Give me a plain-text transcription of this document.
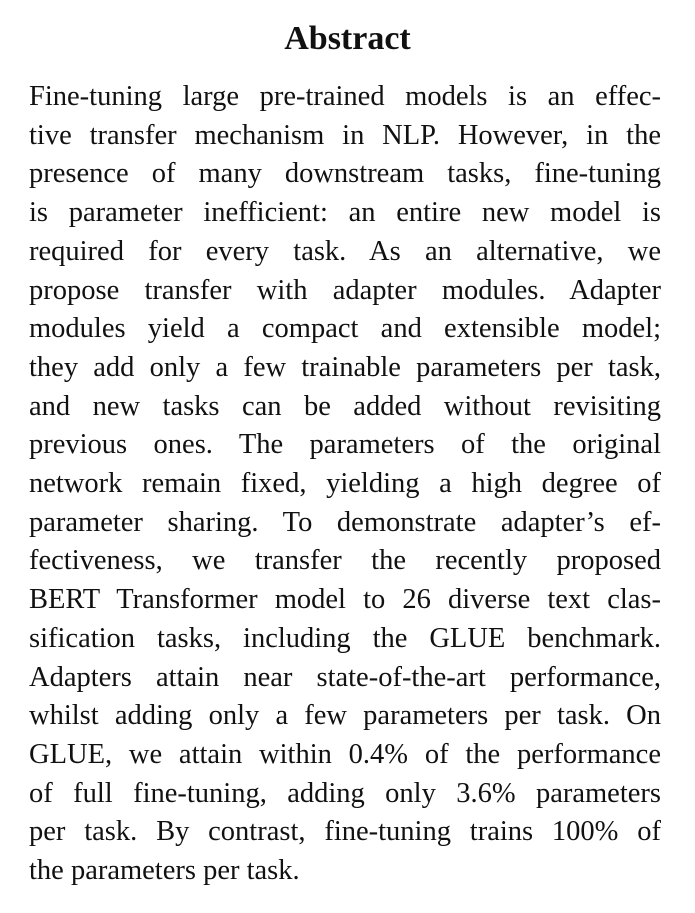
Abstract
Fine-tuning large pre-trained models is an effec-
tive transfer mechanism in NLP. However, in the
presence of many downstream tasks, fine-tuning
is parameter inefficient: an entire new model is
required for every task. As an alternative, we
propose transfer with adapter modules. Adapter
modules yield a compact and extensible model;
they add only a few trainable parameters per task,
and new tasks can be added without revisiting
previous ones. The parameters of the original
network remain fixed, yielding a high degree of
parameter sharing. To demonstrate adapter’s ef-
fectiveness, we transfer the recently proposed
BERT Transformer model to 26 diverse text clas-
sification tasks, including the GLUE benchmark.
Adapters attain near state-of-the-art performance,
whilst adding only a few parameters per task. On
GLUE, we attain within 0.4% of the performance
of full fine-tuning, adding only 3.6% parameters
per task. By contrast, fine-tuning trains 100% of
the parameters per task.
